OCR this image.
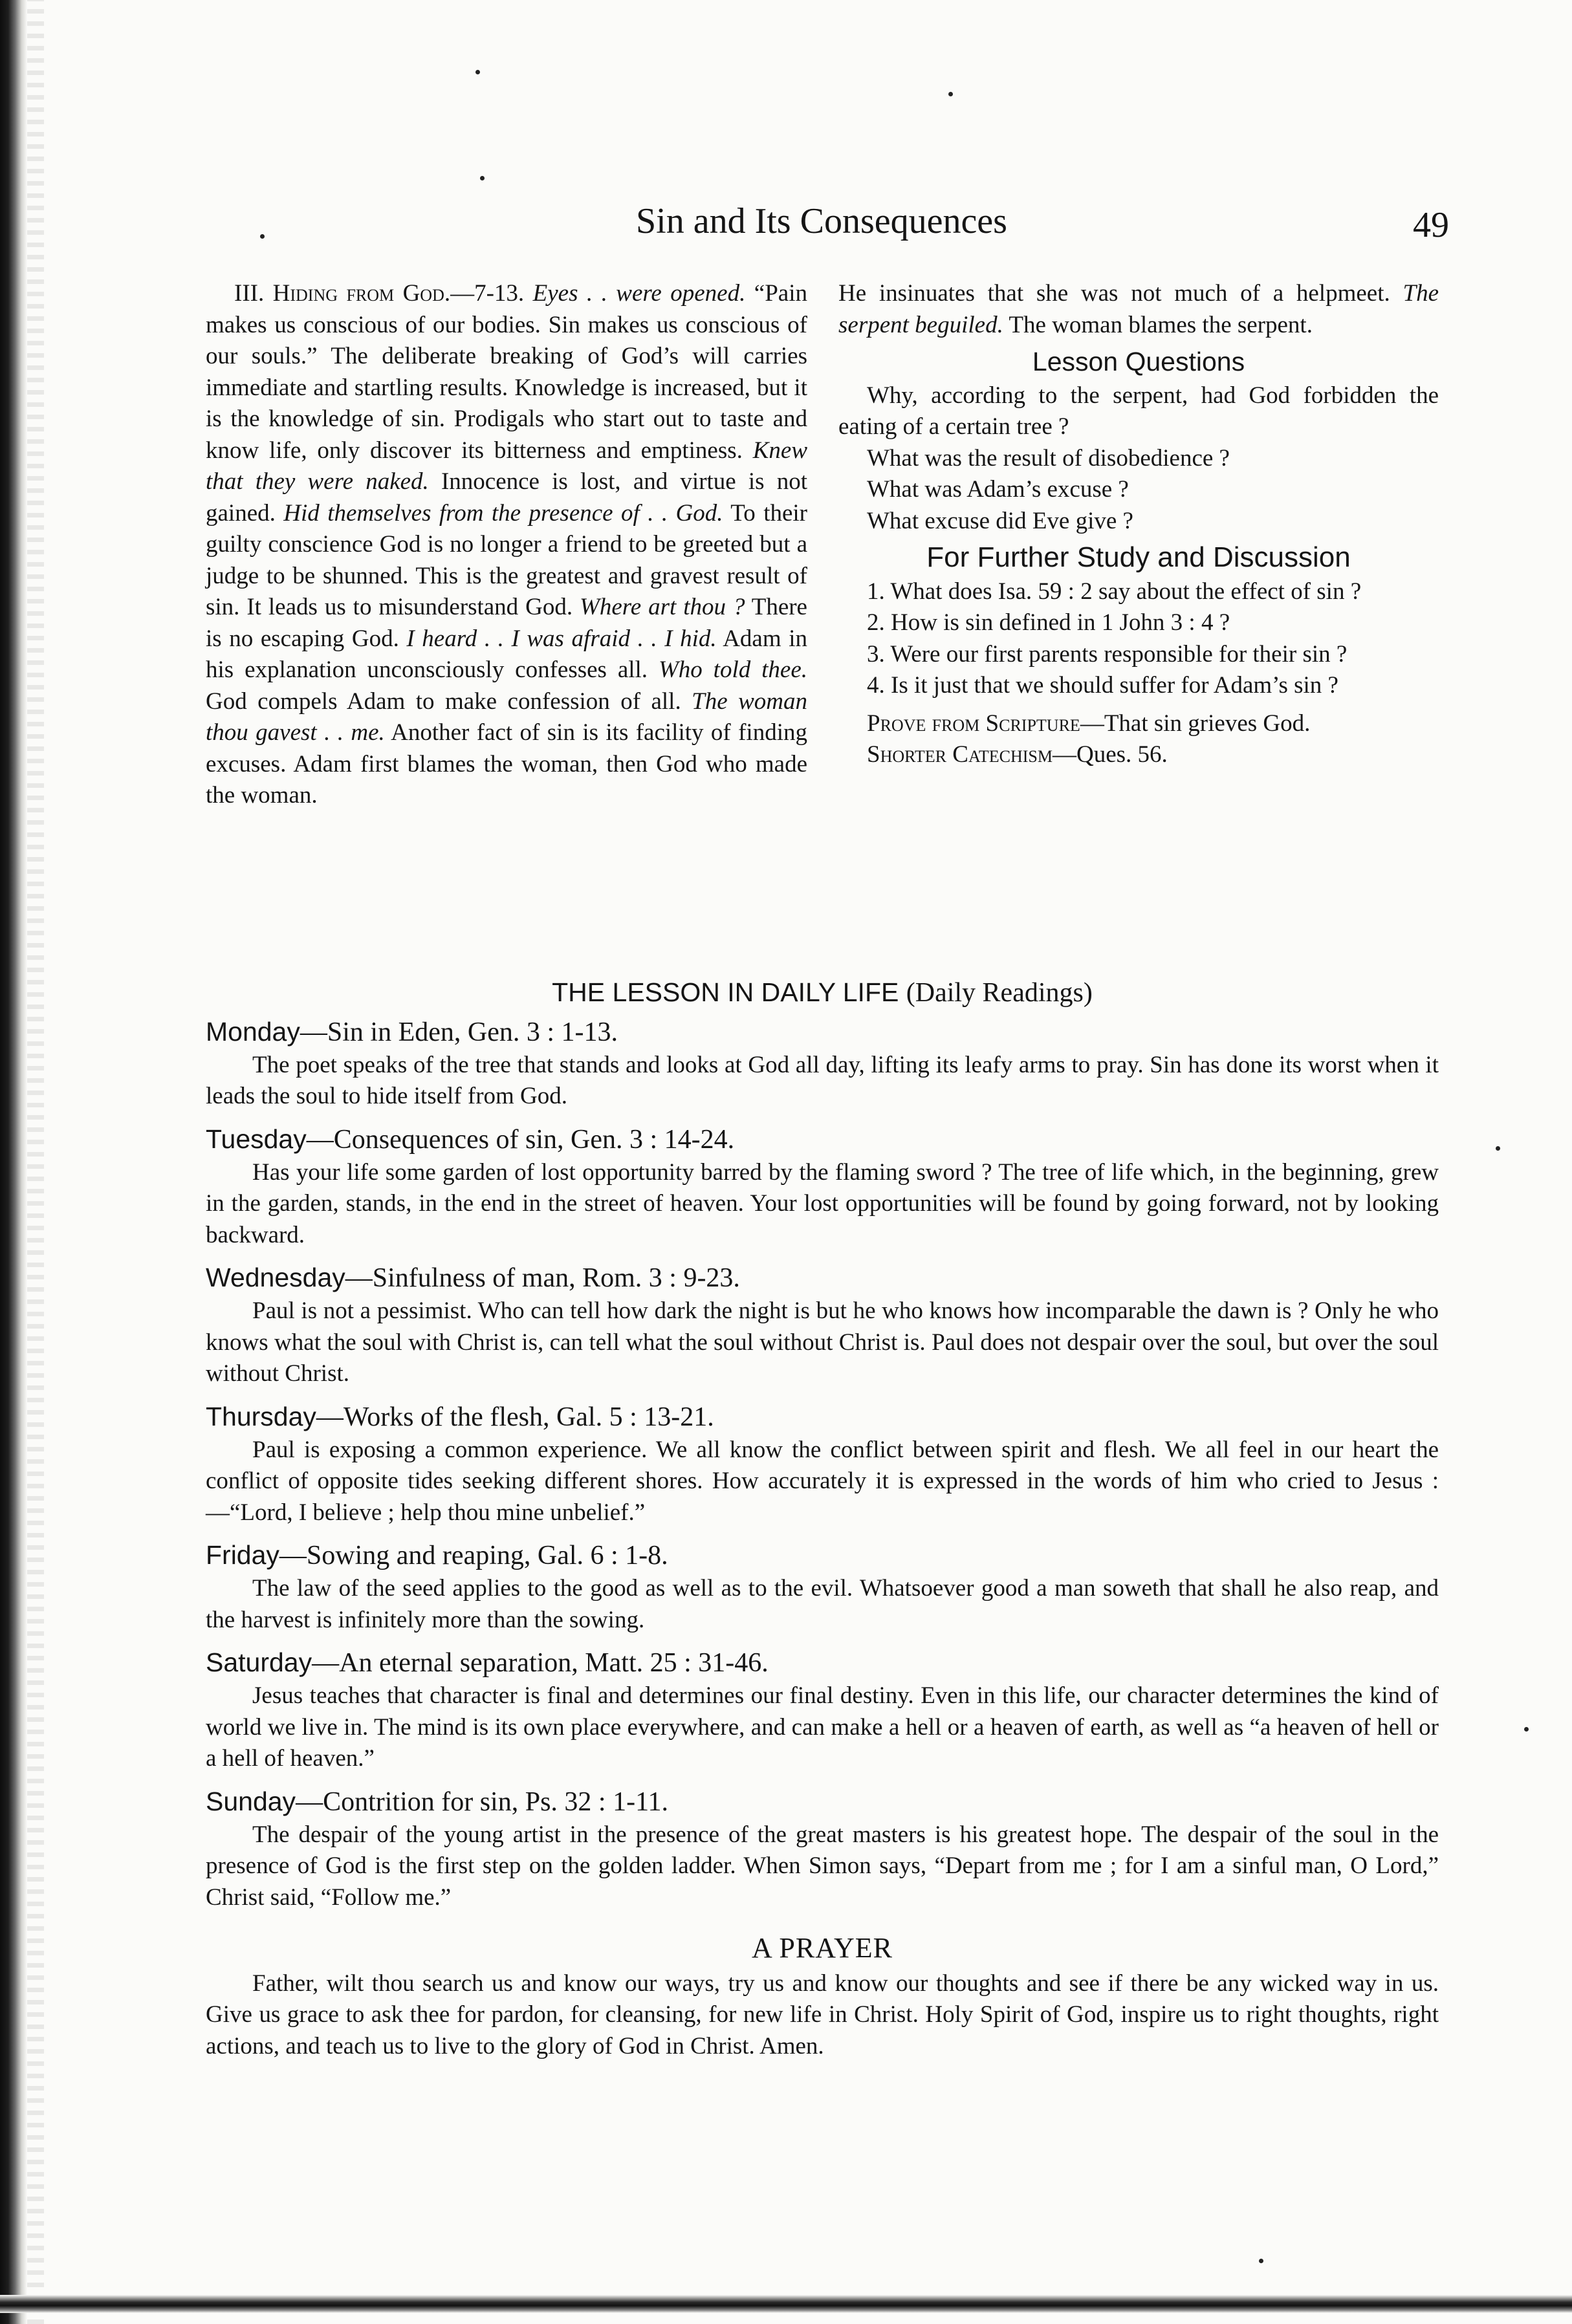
Sin and Its Consequences	49

III. Hiding from God.—7-13. Eyes . . were opened. “Pain makes us conscious of our bodies. Sin makes us conscious of our souls.” The deliberate breaking of God’s will carries immediate and startling results. Knowledge is increased, but it is the knowledge of sin. Prodigals who start out to taste and know life, only discover its bitterness and emptiness. Knew that they were naked. Innocence is lost, and virtue is not gained. Hid themselves from the presence of . . God. To their guilty conscience God is no longer a friend to be greeted but a judge to be shunned. This is the greatest and gravest result of sin. It leads us to misunderstand God. Where art thou ? There is no escaping God. I heard . . I was afraid . . I hid. Adam in his explanation unconsciously confesses all. Who told thee. God compels Adam to make confession of all. The woman thou gavest . . me. Another fact of sin is its facility of finding excuses. Adam first blames the woman, then God who made the woman.

He insinuates that she was not much of a helpmeet. The serpent beguiled. The woman blames the serpent.

Lesson Questions

Why, according to the serpent, had God forbidden the eating of a certain tree ?

What was the result of disobedience ?

What was Adam’s excuse ?

What excuse did Eve give ?

For Further Study and Discussion

1. What does Isa. 59 : 2 say about the effect of sin ?

2. How is sin defined in 1 John 3 : 4 ?

3. Were our first parents responsible for their sin ?

4. Is it just that we should suffer for Adam’s sin ?

Prove from Scripture—That sin grieves God.

Shorter Catechism—Ques. 56.

THE LESSON IN DAILY LIFE (Daily Readings)
Monday—Sin in Eden, Gen. 3 : 1-13.

The poet speaks of the tree that stands and looks at God all day, lifting its leafy arms to pray. Sin has done its worst when it leads the soul to hide itself from God.

Tuesday—Consequences of sin, Gen. 3 : 14-24.

Has your life some garden of lost opportunity barred by the flaming sword ? The tree of life which, in the beginning, grew in the garden, stands, in the end in the street of heaven. Your lost opportunities will be found by going forward, not by looking backward.

Wednesday—Sinfulness of man, Rom. 3 : 9-23.

Paul is not a pessimist. Who can tell how dark the night is but he who knows how incomparable the dawn is ? Only he who knows what the soul with Christ is, can tell what the soul without Christ is. Paul does not despair over the soul, but over the soul without Christ.

Thursday—Works of the flesh, Gal. 5 : 13-21.

Paul is exposing a common experience. We all know the conflict between spirit and flesh. We all feel in our heart the conflict of opposite tides seeking different shores. How accurately it is expressed in the words of him who cried to Jesus :—“Lord, I believe ; help thou mine unbelief.”

Friday—Sowing and reaping, Gal. 6 : 1-8.

The law of the seed applies to the good as well as to the evil. Whatsoever good a man soweth that shall he also reap, and the harvest is infinitely more than the sowing.

Saturday—An eternal separation, Matt. 25 : 31-46.

Jesus teaches that character is final and determines our final destiny. Even in this life, our character determines the kind of world we live in. The mind is its own place everywhere, and can make a hell or a heaven of earth, as well as “a heaven of hell or a hell of heaven.”

Sunday—Contrition for sin, Ps. 32 : 1-11.

The despair of the young artist in the presence of the great masters is his greatest hope. The despair of the soul in the presence of God is the first step on the golden ladder. When Simon says, “Depart from me ; for I am a sinful man, O Lord,” Christ said, “Follow me.”

A PRAYER

Father, wilt thou search us and know our ways, try us and know our thoughts and see if there be any wicked way in us. Give us grace to ask thee for pardon, for cleansing, for new life in Christ. Holy Spirit of God, inspire us to right thoughts, right actions, and teach us to live to the glory of God in Christ. Amen.
